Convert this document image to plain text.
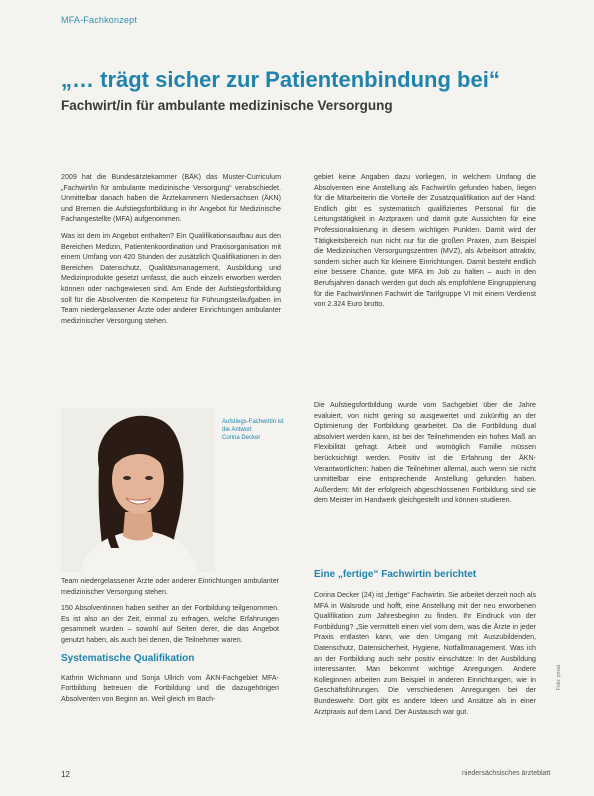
MFA-Fachkonzept
„… trägt sicher zur Patientenbindung bei“
Fachwirt/in für ambulante medizinische Versorgung

2009 hat die Bundesärztekammer (BÄK) das Muster-Curriculum „Fachwirt/in für ambulante medizinische Versorgung“ verabschiedet. Unmittelbar danach haben die Ärztekammern Niedersachsen (ÄKN) und Bremen die Aufstiegsfortbildung in ihr Angebot für Medizinische Fachangestellte (MFA) aufgenommen.

Was ist dem im Angebot enthalten? Ein Qualifikationsaufbau aus den Bereichen Medizin, Patientenkoordination und Praxisorganisation mit einem Umfang von 420 Stunden der zusätzlich Qualifikationen in den Bereichen Datenschutz, Qualitätsmanagement, Ausbildung und Medizinprodukte gesetzt umfasst, die auch einzeln erworben werden können oder nachgewiesen sind. Am Ende der Aufstiegsfortbildung soll für die Absolventen die Kompetenz für Führungsteilaufgaben im Team niedergelassener Ärzte oder anderer Einrichtungen ambulanter medizinischer Versorgung stehen.

Aufstiegs-Fachwirtin ist
die Antwort
Corina Decker

Team niedergelassener Ärzte oder anderer Einrichtungen ambulanter medizinischer Versorgung stehen.

150 Absolventinnen haben seither an der Fortbildung teilgenommen. Es ist also an der Zeit, einmal zu erfragen, welche Erfahrungen gesammelt wurden – sowohl auf Seiten derer, die das Angebot genutzt haben, als auch bei denen, die Teilnehmer waren.

Systematische Qualifikation

Kathrin Wichmann und Sonja Ullrich vom ÄKN-Fachgebiet MFA-Fortbildung betreuen die Fortbildung und die dazugehörigen Absolventen von Beginn an. Weil gleich im Bach-

gebiet keine Angaben dazu vorliegen, in welchem Umfang die Absolventen eine Anstellung als Fachwirt/in gefunden haben, liegen für die Mitarbeiterin die Vorteile der Zusatzqualifikation auf der Hand: Endlich gibt es systematisch qualifiziertes Personal für die Leitungstätigkeit in Arztpraxen und damit gute Aussichten für eine Professionalisierung in diesem wichtigen Punkten. Damit wird der Tätigkeitsbereich nun nicht nur für die großen Praxen, zum Beispiel die Medizinischen Versorgungszentren (MVZ), als Arbeitsort attraktiv, sondern sicher auch für kleinere Einrichtungen. Damit besteht endlich eine bessere Chance, gute MFA im Job zu halten – auch in den Berufsjahren danach werden gut doch als empfohlene Eingruppierung für die Fachwirt/innen Fachwirt die Tarifgruppe VI mit einem Verdienst von 2.324 Euro brutto.

Die Aufstiegsfortbildung wurde vom Sachgebiet über die Jahre evaluiert, von nicht gering so ausgewertet und zukünftig an der Optimierung der Fortbildung gearbeitet. Da die Fortbildung dual absolviert werden kann, ist bei der Teilnehmenden ein hohes Maß an Flexibilität gefragt. Arbeit und womöglich Familie müssen berücksichtigt werden. Positiv ist die Erfahrung der ÄKN-Verantwortlichen: haben die Teilnehmer allemal, auch wenn sie nicht unmittelbar eine entsprechende Anstellung gefunden haben. Außerdem: Mit der erfolgreich abgeschlossenen Fortbildung sind sie dem Meister im Handwerk gleichgestellt und können studieren.

Eine „fertige“ Fachwirtin berichtet

Corina Decker (24) ist „fertige“ Fachwirtin. Sie arbeitet derzeit noch als MFA in Walsrode und hofft, eine Anstellung mit der neu erworbenen Qualifikation zum Jahresbeginn zu finden. Ihr Eindruck von der Fortbildung? „Sie vermittelt einen viel vom dem, was die Ärzte in jeder Praxis entlasten kann, wie den Umgang mit Auszubildenden, Datenschutz, Datensicherheit, Hygiene, Notfallmanagement. Was ich an der Fortbildung auch sehr positiv einschätze: In der Ausbildung interessanter. Man bekommt wichtige Anregungen. Andere Kolleginnen arbeiten zum Beispiel in anderen Einrichtungen, wie in Geschäftsführungen. Die verschiedenen Anregungen bei der Bundeswehr. Dort gibt es andere Ideen und Ansätze als in einer Arztpraxis auf dem Land. Der Austausch war gut.

Foto: privat
12	niedersächsisches ärzteblatt
